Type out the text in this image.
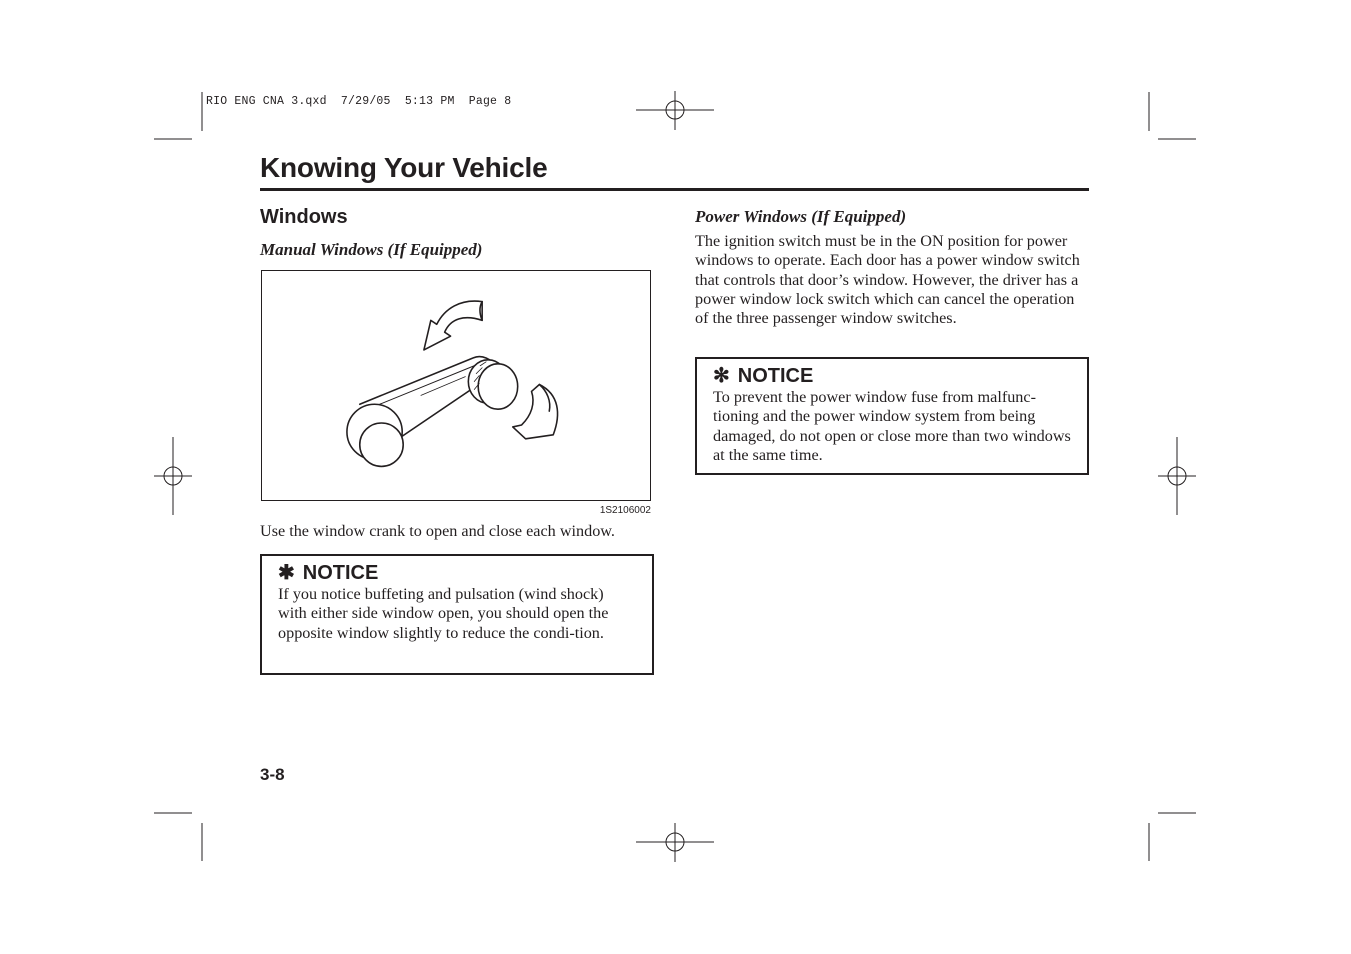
RIO ENG CNA 3.qxd  7/29/05  5:13 PM  Page 8
Knowing Your Vehicle
Windows
Manual Windows (If Equipped)
1S2106002
Use the window crank to open and close each window.
✱ NOTICE
If you notice buffeting and pulsation (wind shock) with either side window open, you should open the opposite window slightly to reduce the condi-tion.
Power Windows (If Equipped)
The ignition switch must be in the ON position for power windows to operate. Each door has a power window switch that controls that door’s window. However, the driver has a power window lock switch which can cancel the operation of the three passenger window switches.
✻ NOTICE
To prevent the power window fuse from malfunc-tioning and the power window system from being damaged, do not open or close more than two windows at the same time.
3-8
